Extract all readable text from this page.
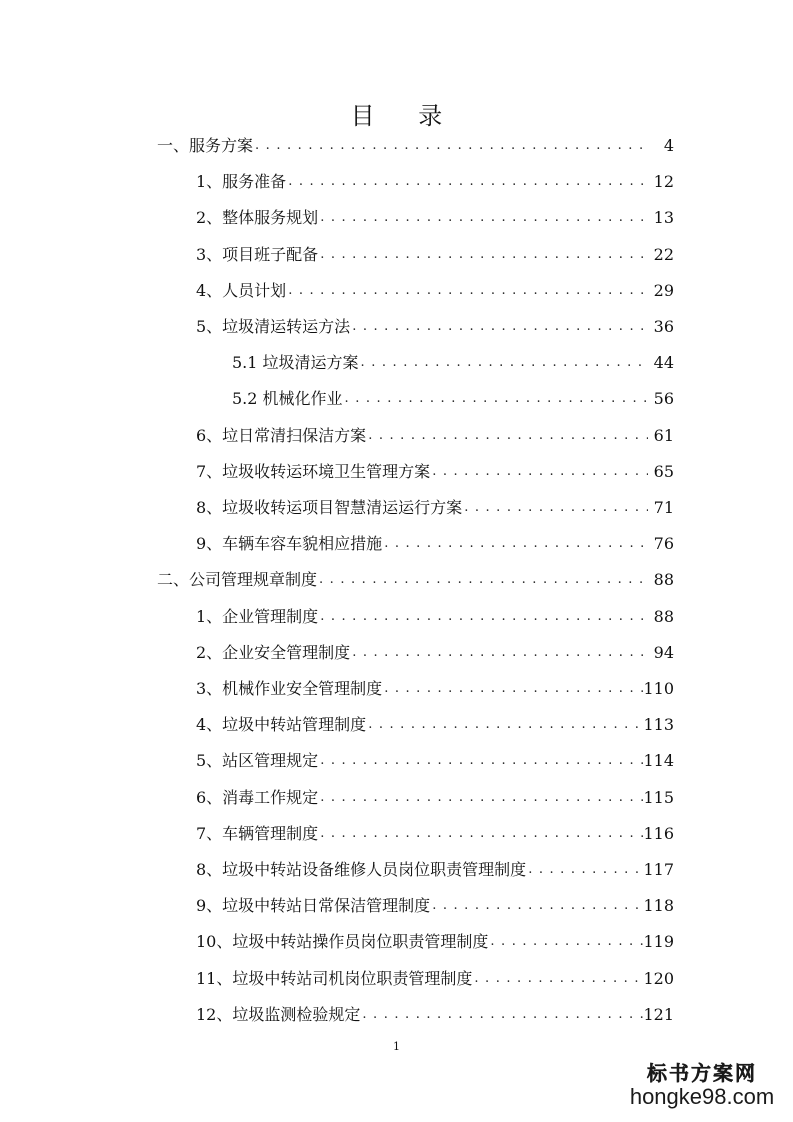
目 录
一、服务方案 . . .	4
1、服务准备 . . .	12
2、整体服务规划 . . .	13
3、项目班子配备 . . .	22
4、人员计划 . . .	29
5、垃圾清运转运方法 . . .	36
5.1 垃圾清运方案 . . .	44
5.2 机械化作业 . . .	56
6、垃日常清扫保洁方案 . . .	61
7、垃圾收转运环境卫生管理方案 . . .	65
8、垃圾收转运项目智慧清运运行方案 . . .	71
9、车辆车容车貌相应措施 . . .	76
二、公司管理规章制度 . . .	88
1、企业管理制度 . . .	88
2、企业安全管理制度 . . .	94
3、机械作业安全管理制度 . . .	110
4、垃圾中转站管理制度 . . .	113
5、站区管理规定 . . .	114
6、消毒工作规定 . . .	115
7、车辆管理制度 . . .	116
8、垃圾中转站设备维修人员岗位职责管理制度 . . .	117
9、垃圾中转站日常保洁管理制度 . . .	118
10、垃圾中转站操作员岗位职责管理制度 . . .	119
11、垃圾中转站司机岗位职责管理制度 . . .	120
12、垃圾监测检验规定 . . .	121
1
标书方案网
hongke98.com
